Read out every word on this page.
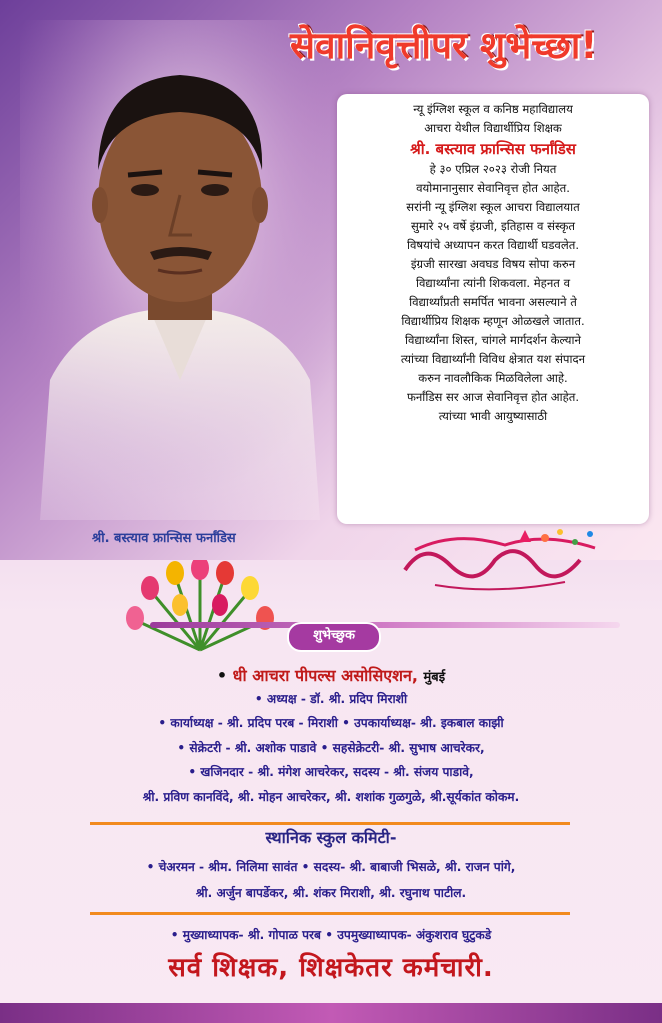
सेवानिवृत्तीपर शुभेच्छा!
न्यू इंग्लिश स्कूल व कनिष्ठ महाविद्यालय
आचरा येथील विद्यार्थीप्रिय शिक्षक
श्री. बस्त्याव फ्रान्सिस फर्नांडिस
हे ३० एप्रिल २०२३ रोजी नियत
वयोमानानुसार सेवानिवृत्त होत आहेत.
सरांनी न्यू इंग्लिश स्कूल आचरा विद्यालयात
सुमारे २५ वर्षे इंग्रजी, इतिहास व संस्कृत
विषयांचे अध्यापन करत विद्यार्थी घडवलेत.
इंग्रजी सारखा अवघड विषय सोपा करुन
विद्यार्थ्यांना त्यांनी शिकवला. मेहनत व
विद्यार्थ्यांप्रती समर्पित भावना असल्याने ते
विद्यार्थीप्रिय शिक्षक म्हणून ओळखले जातात.
विद्यार्थ्यांना शिस्त, चांगले मार्गदर्शन केल्याने
त्यांच्या विद्यार्थ्यांनी विविध क्षेत्रात यश संपादन
करुन नावलौकिक मिळविलेला आहे.
फर्नांडिस सर आज सेवानिवृत्त होत आहेत.
त्यांच्या भावी आयुष्यासाठी
श्री. बस्त्याव फ्रान्सिस फर्नांडिस
शुभेच्छुक
• धी आचरा पीपल्स असोसिएशन, मुंबई
• अध्यक्ष - डॉ. श्री. प्रदिप मिराशी
• कार्याध्यक्ष - श्री. प्रदिप परब - मिराशी • उपकार्याध्यक्ष- श्री. इकबाल काझी
• सेक्रेटरी - श्री. अशोक पाडावे • सहसेक्रेटरी- श्री. सुभाष आचरेकर,
• खजिनदार - श्री. मंगेश आचरेकर, सदस्य - श्री. संजय पाडावे,
श्री. प्रविण कानविंदे, श्री. मोहन आचरेकर, श्री. शशांक गुळगुळे, श्री.सूर्यकांत कोकम.
स्थानिक स्कुल कमिटी-
• चेअरमन - श्रीम. निलिमा सावंत • सदस्य- श्री. बाबाजी भिसळे, श्री. राजन पांगे,
श्री. अर्जुन बापर्डेकर, श्री. शंकर मिराशी, श्री. रघुनाथ पाटील.
• मुख्याध्यापक- श्री. गोपाळ परब • उपमुख्याध्यापक- अंकुशराव घुटुकडे
सर्व शिक्षक, शिक्षकेतर कर्मचारी.
